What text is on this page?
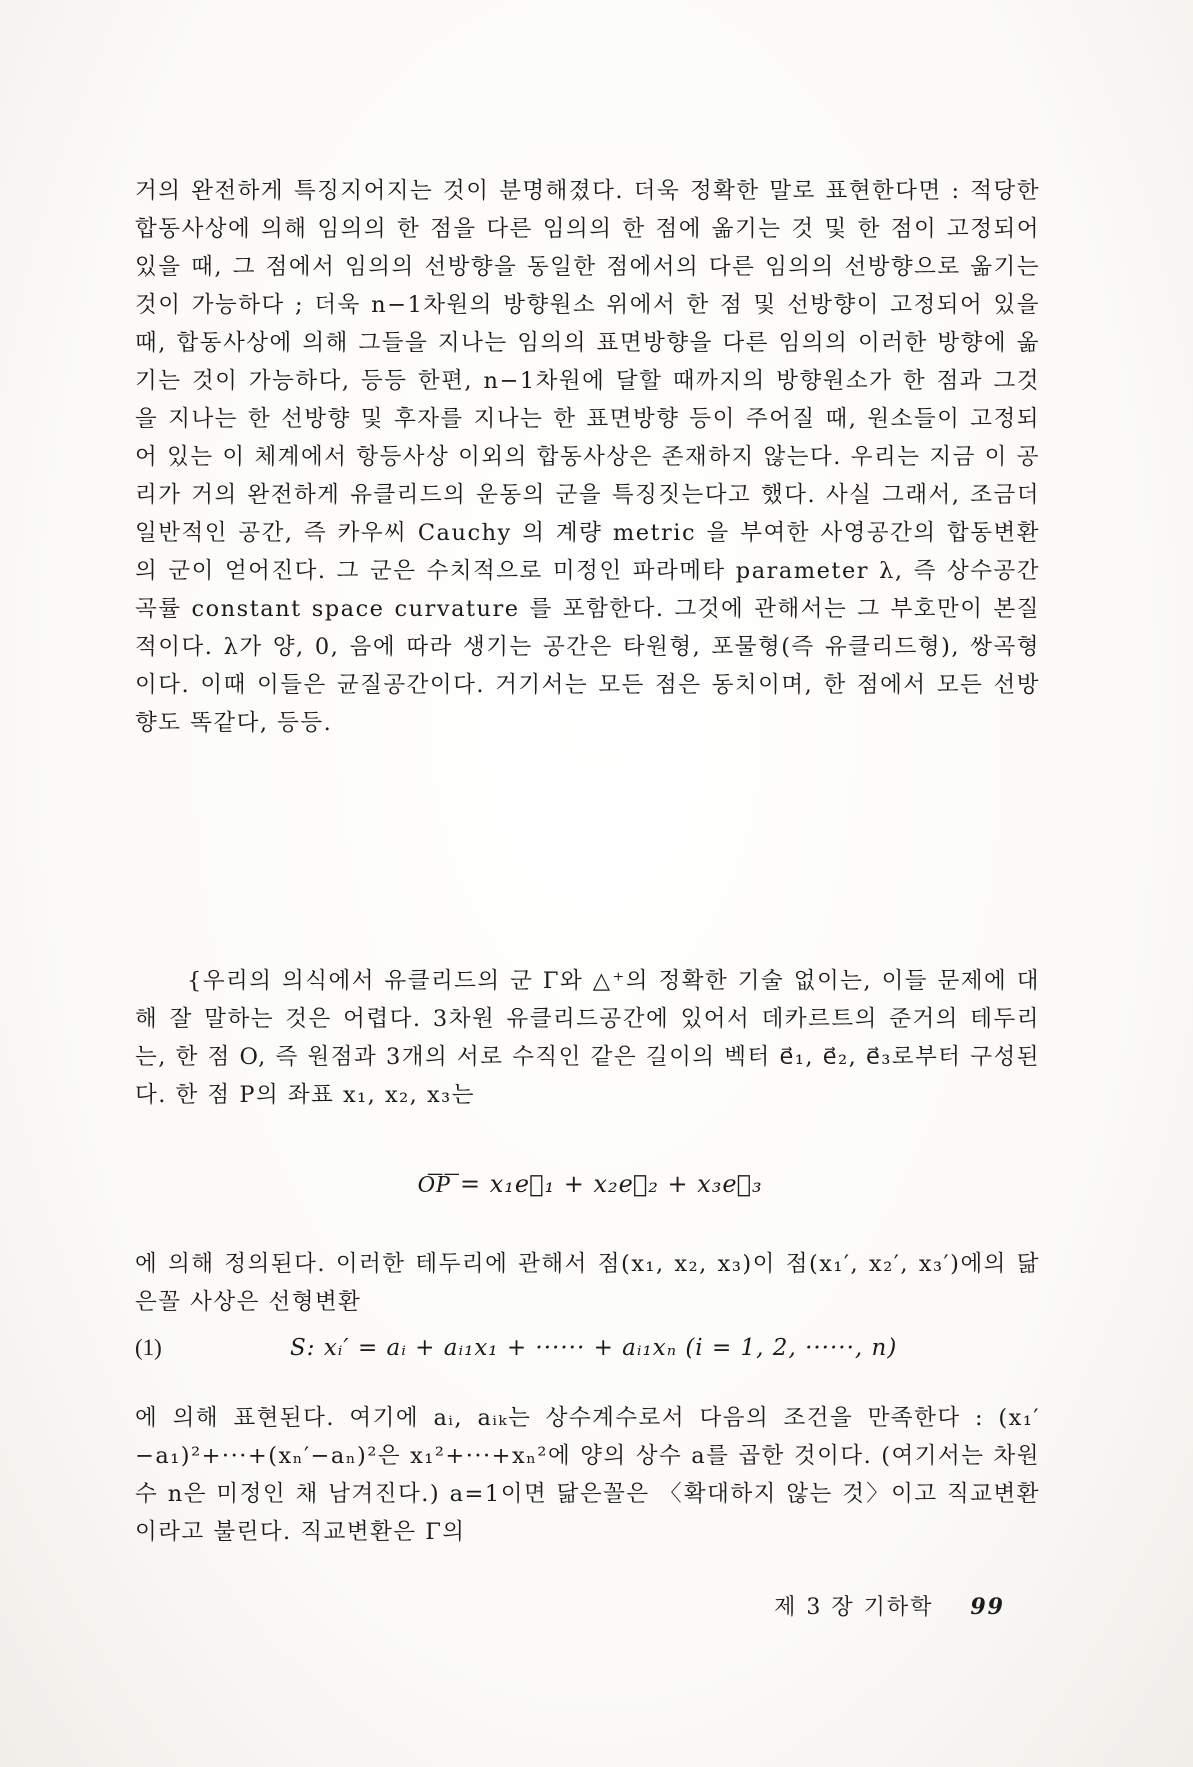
거의 완전하게 특징지어지는 것이 분명해졌다. 더욱 정확한 말로 표현한다면 : 적당한 합동사상에 의해 임의의 한 점을 다른 임의의 한 점에 옮기는 것 및 한 점이 고정되어 있을 때, 그 점에서 임의의 선방향을 동일한 점에서의 다른 임의의 선방향으로 옮기는 것이 가능하다 ; 더욱 n−1차원의 방향원소 위에서 한 점 및 선방향이 고정되어 있을 때, 합동사상에 의해 그들을 지나는 임의의 표면방향을 다른 임의의 이러한 방향에 옮기는 것이 가능하다, 등등 한편, n−1차원에 달할 때까지의 방향원소가 한 점과 그것을 지나는 한 선방향 및 후자를 지나는 한 표면방향 등이 주어질 때, 원소들이 고정되어 있는 이 체계에서 항등사상 이외의 합동사상은 존재하지 않는다. 우리는 지금 이 공리가 거의 완전하게 유클리드의 운동의 군을 특징짓는다고 했다. 사실 그래서, 조금더 일반적인 공간, 즉 카우씨 Cauchy 의 계량 metric 을 부여한 사영공간의 합동변환의 군이 얻어진다. 그 군은 수치적으로 미정인 파라메타 parameter λ, 즉 상수공간곡률 constant space curvature 를 포함한다. 그것에 관해서는 그 부호만이 본질적이다. λ가 양, 0, 음에 따라 생기는 공간은 타원형, 포물형(즉 유클리드형), 쌍곡형이다. 이때 이들은 균질공간이다. 거기서는 모든 점은 동치이며, 한 점에서 모든 선방향도 똑같다, 등등.
{우리의 의식에서 유클리드의 군 Γ와 △⁺의 정확한 기술 없이는, 이들 문제에 대해 잘 말하는 것은 어렵다. 3차원 유클리드공간에 있어서 데카르트의 준거의 테두리는, 한 점 O, 즉 원점과 3개의 서로 수직인 같은 길이의 벡터 e⃗₁, e⃗₂, e⃗₃로부터 구성된다. 한 점 P의 좌표 x₁, x₂, x₃는
O͞P͞ = x₁e⃗₁ + x₂e⃗₂ + x₃e⃗₃
에 의해 정의된다. 이러한 테두리에 관해서 점(x₁, x₂, x₃)이 점(x₁′, x₂′, x₃′)에의 닮은꼴 사상은 선형변환
(1)	S: xᵢ′ = aᵢ + aᵢ₁x₁ + ······ + aᵢ₁xₙ (i = 1, 2, ······, n)
에 의해 표현된다. 여기에 aᵢ, aᵢₖ는 상수계수로서 다음의 조건을 만족한다 : (x₁′−a₁)²+···+(xₙ′−aₙ)²은 x₁²+···+xₙ²에 양의 상수 a를 곱한 것이다. (여기서는 차원수 n은 미정인 채 남겨진다.) a=1이면 닮은꼴은 〈확대하지 않는 것〉이고 직교변환이라고 불린다. 직교변환은 Γ의
제 3 장 기하학 99
